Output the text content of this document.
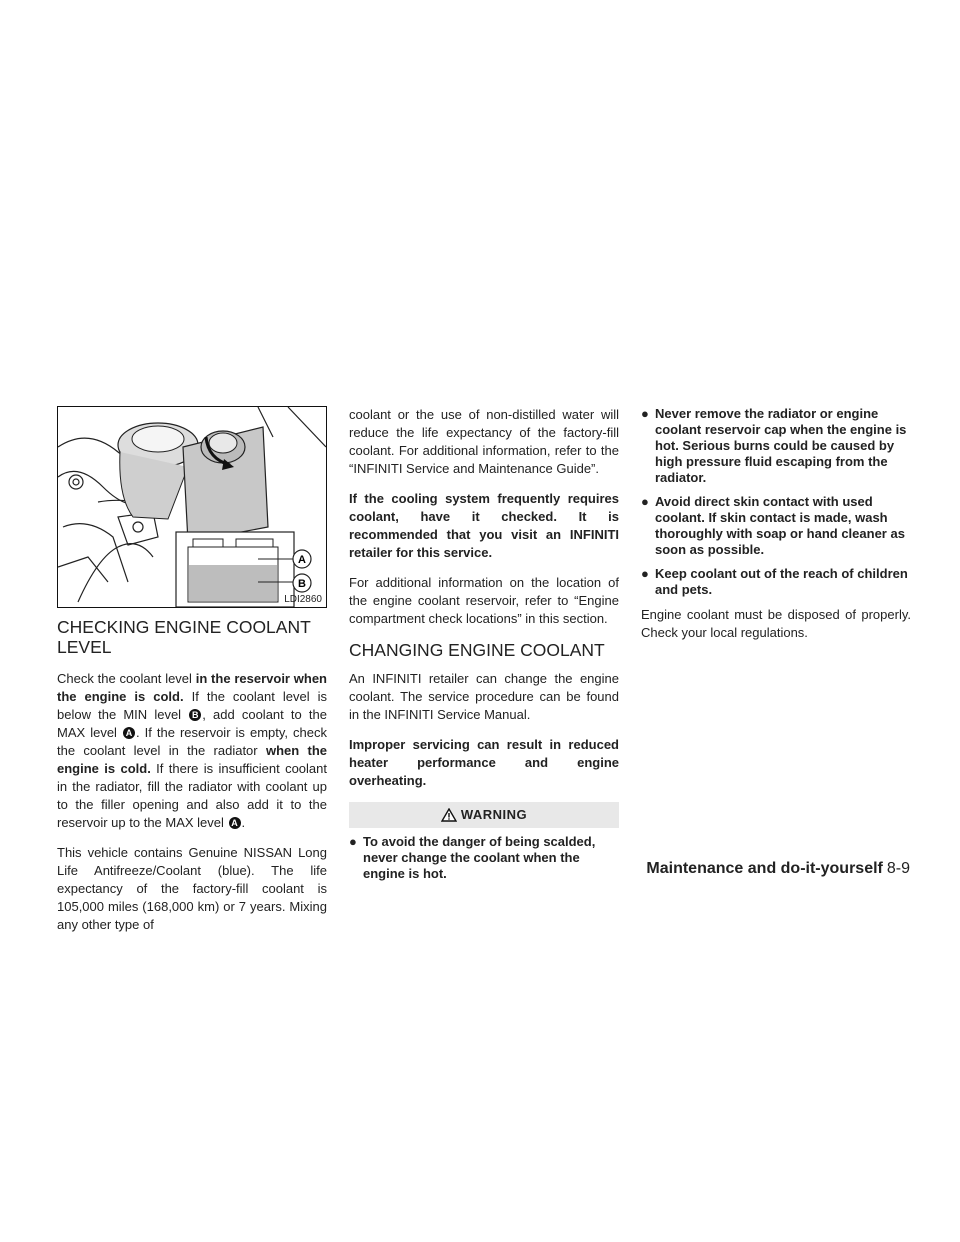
A
B
LDI2860
CHECKING ENGINE COOLANT LEVEL

Check the coolant level in the reservoir when the engine is cold. If the coolant level is below the MIN level B , add coolant to the MAX level A . If the reservoir is empty, check the coolant level in the radiator when the engine is cold. If there is insufficient coolant in the radiator, fill the radiator with coolant up to the filler opening and also add it to the reservoir up to the MAX level A .

This vehicle contains Genuine NISSAN Long Life Antifreeze/Coolant (blue). The life expectancy of the factory-fill coolant is 105,000 miles (168,000 km) or 7 years. Mixing any other type of

coolant or the use of non-distilled water will reduce the life expectancy of the factory-fill coolant. For additional information, refer to the “INFINITI Service and Maintenance Guide”.

If the cooling system frequently requires coolant, have it checked. It is recommended that you visit an INFINITI retailer for this service.

For additional information on the location of the engine coolant reservoir, refer to “Engine compartment check locations” in this section.

CHANGING ENGINE COOLANT

An INFINITI retailer can change the engine coolant. The service procedure can be found in the INFINITI Service Manual.

Improper servicing can result in reduced heater performance and engine overheating.

WARNING
● To avoid the danger of being scalded, never change the coolant when the engine is hot.
● Never remove the radiator or engine coolant reservoir cap when the engine is hot. Serious burns could be caused by high pressure fluid escaping from the radiator.
● Avoid direct skin contact with used coolant. If skin contact is made, wash thoroughly with soap or hand cleaner as soon as possible.
● Keep coolant out of the reach of children and pets.

Engine coolant must be disposed of properly. Check your local regulations.

Maintenance and do-it-yourself 8-9
